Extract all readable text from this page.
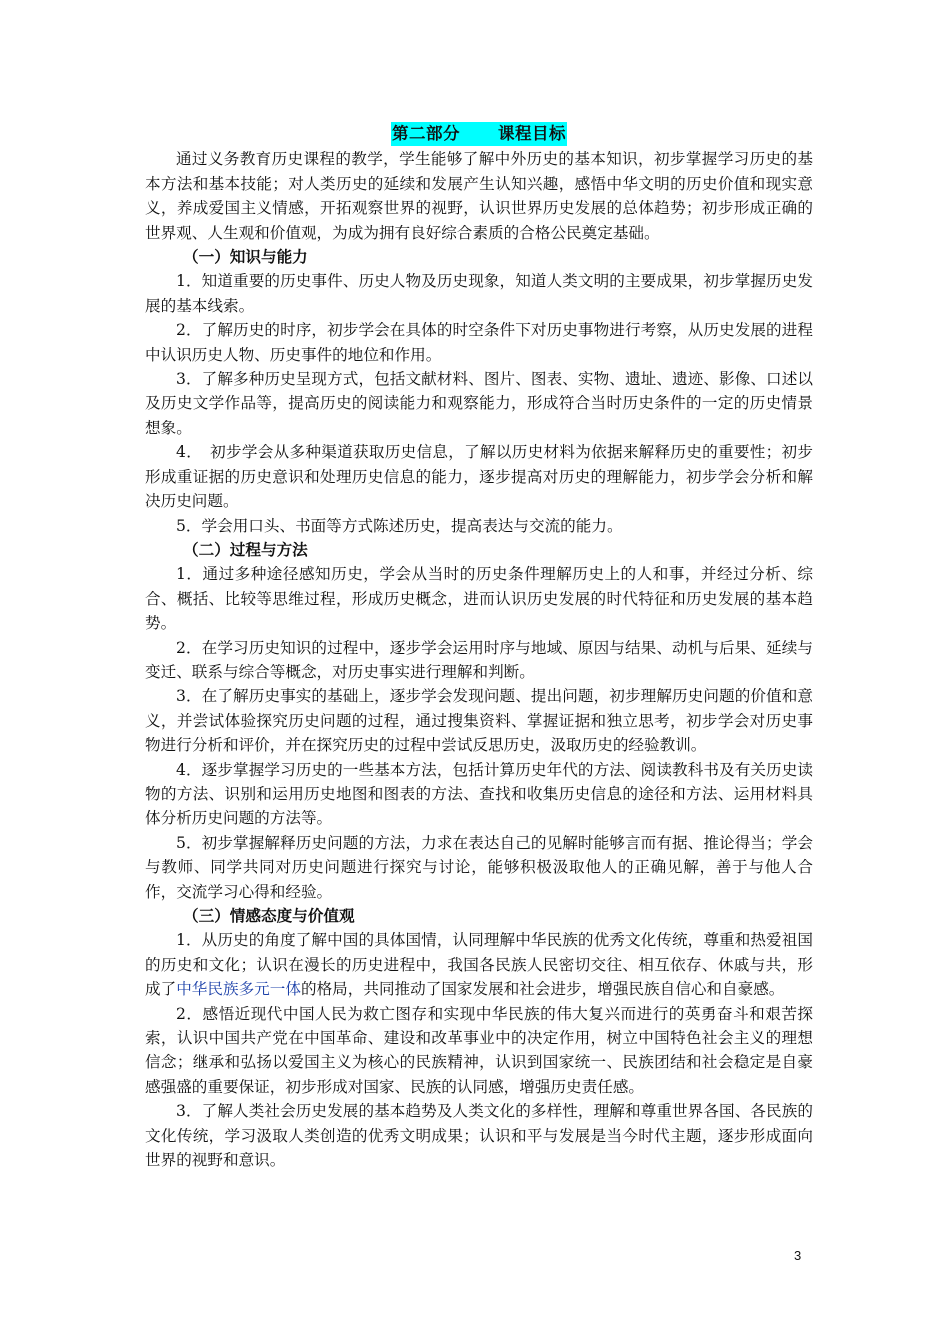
第二部分 课程目标

通过义务教育历史课程的教学，学生能够了解中外历史的基本知识，初步掌握学习历史的基本方法和基本技能；对人类历史的延续和发展产生认知兴趣，感悟中华文明的历史价值和现实意义，养成爱国主义情感，开拓观察世界的视野，认识世界历史发展的总体趋势；初步形成正确的世界观、人生观和价值观，为成为拥有良好综合素质的合格公民奠定基础。

（一）知识与能力

1．知道重要的历史事件、历史人物及历史现象，知道人类文明的主要成果，初步掌握历史发展的基本线索。

2．了解历史的时序，初步学会在具体的时空条件下对历史事物进行考察，从历史发展的进程中认识历史人物、历史事件的地位和作用。

3．了解多种历史呈现方式，包括文献材料、图片、图表、实物、遗址、遗迹、影像、口述以及历史文学作品等，提高历史的阅读能力和观察能力，形成符合当时历史条件的一定的历史情景想象。

4．　初步学会从多种渠道获取历史信息，了解以历史材料为依据来解释历史的重要性；初步形成重证据的历史意识和处理历史信息的能力，逐步提高对历史的理解能力，初步学会分析和解决历史问题。

5．学会用口头、书面等方式陈述历史，提高表达与交流的能力。

（二）过程与方法

1．通过多种途径感知历史，学会从当时的历史条件理解历史上的人和事，并经过分析、综合、概括、比较等思维过程，形成历史概念，进而认识历史发展的时代特征和历史发展的基本趋势。

2．在学习历史知识的过程中，逐步学会运用时序与地域、原因与结果、动机与后果、延续与变迁、联系与综合等概念，对历史事实进行理解和判断。

3．在了解历史事实的基础上，逐步学会发现问题、提出问题，初步理解历史问题的价值和意义，并尝试体验探究历史问题的过程，通过搜集资料、掌握证据和独立思考，初步学会对历史事物进行分析和评价，并在探究历史的过程中尝试反思历史，汲取历史的经验教训。

4．逐步掌握学习历史的一些基本方法，包括计算历史年代的方法、阅读教科书及有关历史读物的方法、识别和运用历史地图和图表的方法、查找和收集历史信息的途径和方法、运用材料具体分析历史问题的方法等。

5．初步掌握解释历史问题的方法，力求在表达自己的见解时能够言而有据、推论得当；学会与教师、同学共同对历史问题进行探究与讨论，能够积极汲取他人的正确见解，善于与他人合作，交流学习心得和经验。

（三）情感态度与价值观

1．从历史的角度了解中国的具体国情，认同理解中华民族的优秀文化传统，尊重和热爱祖国的历史和文化；认识在漫长的历史进程中，我国各民族人民密切交往、相互依存、休戚与共，形成了中华民族多元一体的格局，共同推动了国家发展和社会进步，增强民族自信心和自豪感。

2．感悟近现代中国人民为救亡图存和实现中华民族的伟大复兴而进行的英勇奋斗和艰苦探索，认识中国共产党在中国革命、建设和改革事业中的决定作用，树立中国特色社会主义的理想信念；继承和弘扬以爱国主义为核心的民族精神，认识到国家统一、民族团结和社会稳定是自豪感强盛的重要保证，初步形成对国家、民族的认同感，增强历史责任感。

3．了解人类社会历史发展的基本趋势及人类文化的多样性，理解和尊重世界各国、各民族的文化传统，学习汲取人类创造的优秀文明成果；认识和平与发展是当今时代主题，逐步形成面向世界的视野和意识。

3
